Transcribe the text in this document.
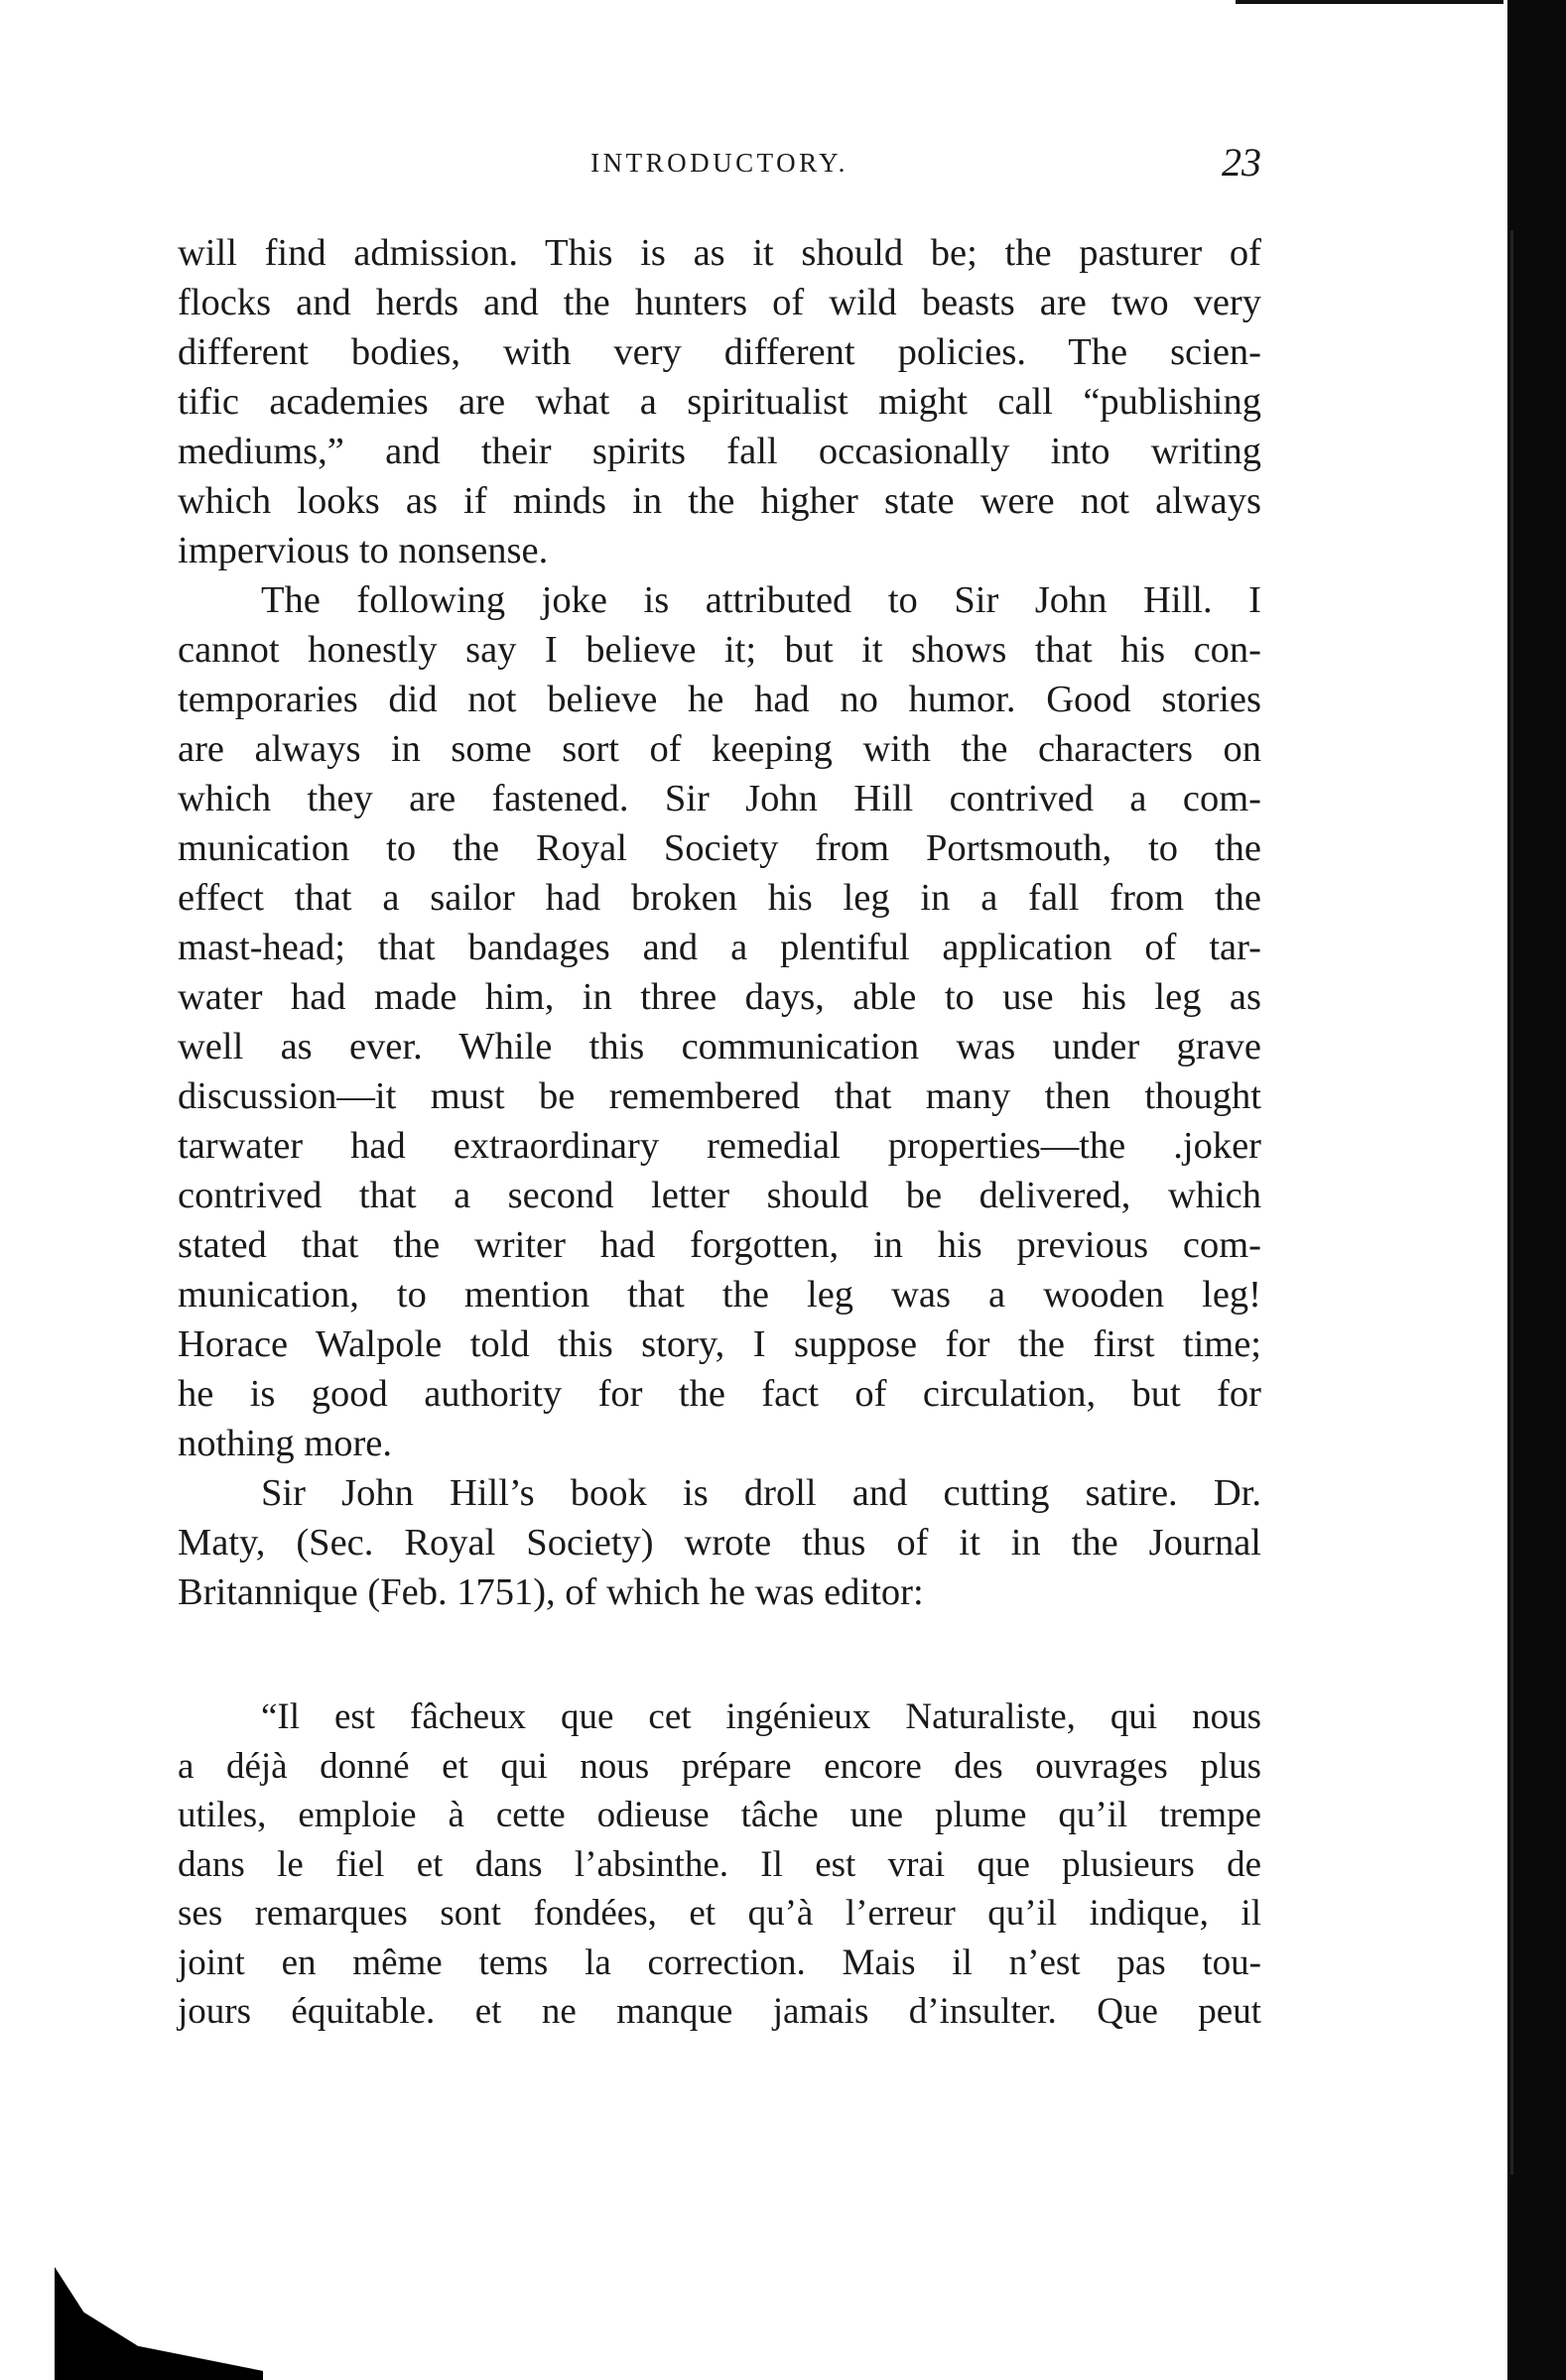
INTRODUCTORY.	23
will find admission. This is as it should be; the pasturer of
flocks and herds and the hunters of wild beasts are two very
different bodies, with very different policies. The scien-
tific academies are what a spiritualist might call “publishing
mediums,” and their spirits fall occasionally into writing
which looks as if minds in the higher state were not always
impervious to nonsense.
The following joke is attributed to Sir John Hill. I
cannot honestly say I believe it; but it shows that his con-
temporaries did not believe he had no humor. Good stories
are always in some sort of keeping with the characters on
which they are fastened. Sir John Hill contrived a com-
munication to the Royal Society from Portsmouth, to the
effect that a sailor had broken his leg in a fall from the
mast-head; that bandages and a plentiful application of tar-
water had made him, in three days, able to use his leg as
well as ever. While this communication was under grave
discussion—it must be remembered that many then thought
tarwater had extraordinary remedial properties—the .joker
contrived that a second letter should be delivered, which
stated that the writer had forgotten, in his previous com-
munication, to mention that the leg was a wooden leg!
Horace Walpole told this story, I suppose for the first time;
he is good authority for the fact of circulation, but for
nothing more.
Sir John Hill’s book is droll and cutting satire. Dr.
Maty, (Sec. Royal Society) wrote thus of it in the Journal
Britannique (Feb. 1751), of which he was editor:
“Il est fâcheux que cet ingénieux Naturaliste, qui nous
a déjà donné et qui nous prépare encore des ouvrages plus
utiles, emploie à cette odieuse tâche une plume qu’il trempe
dans le fiel et dans l’absinthe. Il est vrai que plusieurs de
ses remarques sont fondées, et qu’à l’erreur qu’il indique, il
joint en même tems la correction. Mais il n’est pas tou-
jours équitable. et ne manque jamais d’insulter. Que peut
